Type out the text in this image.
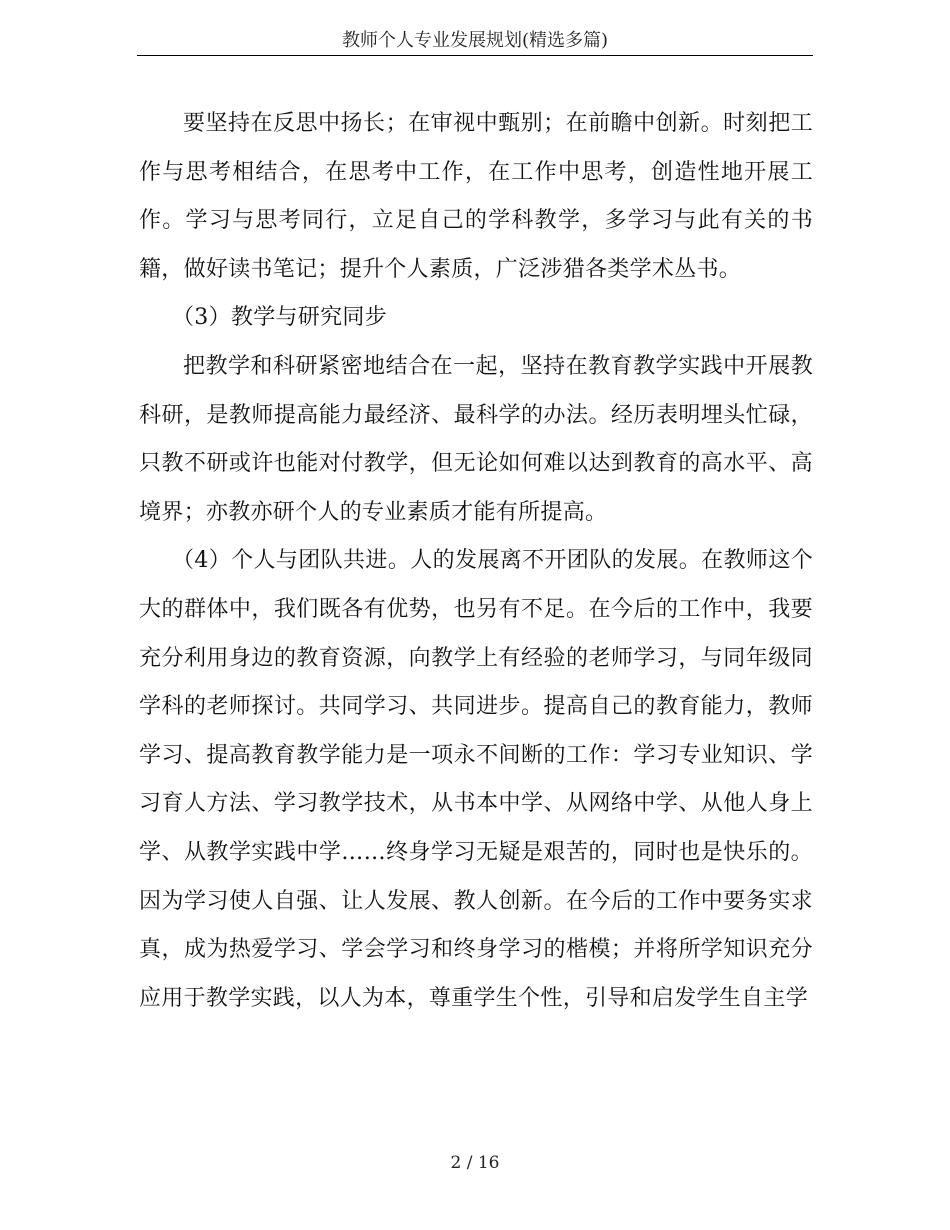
教师个人专业发展规划(精选多篇)

要坚持在反思中扬长；在审视中甄别；在前瞻中创新。时刻把工作与思考相结合，在思考中工作，在工作中思考，创造性地开展工作。学习与思考同行，立足自己的学科教学，多学习与此有关的书籍，做好读书笔记；提升个人素质，广泛涉猎各类学术丛书。

（3）教学与研究同步

把教学和科研紧密地结合在一起，坚持在教育教学实践中开展教科研，是教师提高能力最经济、最科学的办法。经历表明埋头忙碌，只教不研或许也能对付教学，但无论如何难以达到教育的高水平、高境界；亦教亦研个人的专业素质才能有所提高。

（4）个人与团队共进。人的发展离不开团队的发展。在教师这个大的群体中，我们既各有优势，也另有不足。在今后的工作中，我要充分利用身边的教育资源，向教学上有经验的老师学习，与同年级同学科的老师探讨。共同学习、共同进步。提高自己的教育能力，教师学习、提高教育教学能力是一项永不间断的工作：学习专业知识、学习育人方法、学习教学技术，从书本中学、从网络中学、从他人身上学、从教学实践中学……终身学习无疑是艰苦的，同时也是快乐的。因为学习使人自强、让人发展、教人创新。在今后的工作中要务实求真，成为热爱学习、学会学习和终身学习的楷模；并将所学知识充分应用于教学实践，以人为本，尊重学生个性，引导和启发学生自主学

2 / 16
